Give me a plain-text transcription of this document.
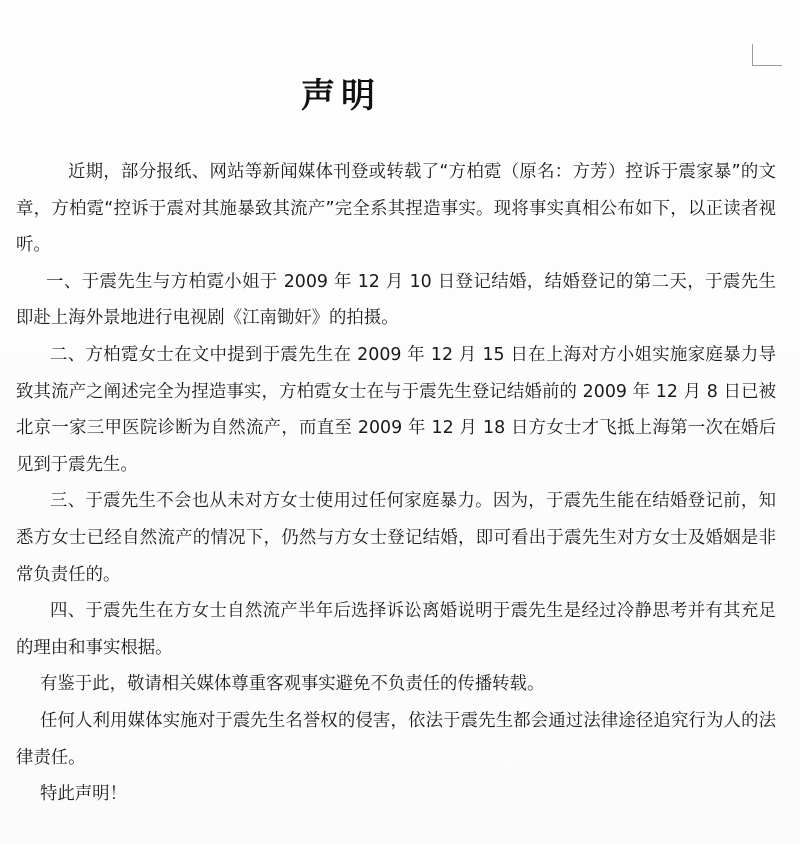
声明

近期，部分报纸、网站等新闻媒体刊登或转载了“方柏霓（原名：方芳）控诉于震家暴”的文章，方柏霓“控诉于震对其施暴致其流产”完全系其捏造事实。现将事实真相公布如下，以正读者视听。

一、于震先生与方柏霓小姐于 2009 年 12 月 10 日登记结婚，结婚登记的第二天，于震先生即赴上海外景地进行电视剧《江南锄奸》的拍摄。

二、方柏霓女士在文中提到于震先生在 2009 年 12 月 15 日在上海对方小姐实施家庭暴力导致其流产之阐述完全为捏造事实，方柏霓女士在与于震先生登记结婚前的 2009 年 12 月 8 日已被北京一家三甲医院诊断为自然流产，而直至 2009 年 12 月 18 日方女士才飞抵上海第一次在婚后见到于震先生。

三、于震先生不会也从未对方女士使用过任何家庭暴力。因为，于震先生能在结婚登记前，知悉方女士已经自然流产的情况下，仍然与方女士登记结婚，即可看出于震先生对方女士及婚姻是非常负责任的。

四、于震先生在方女士自然流产半年后选择诉讼离婚说明于震先生是经过冷静思考并有其充足的理由和事实根据。

有鉴于此，敬请相关媒体尊重客观事实避免不负责任的传播转载。

任何人利用媒体实施对于震先生名誉权的侵害，依法于震先生都会通过法律途径追究行为人的法律责任。

特此声明！
